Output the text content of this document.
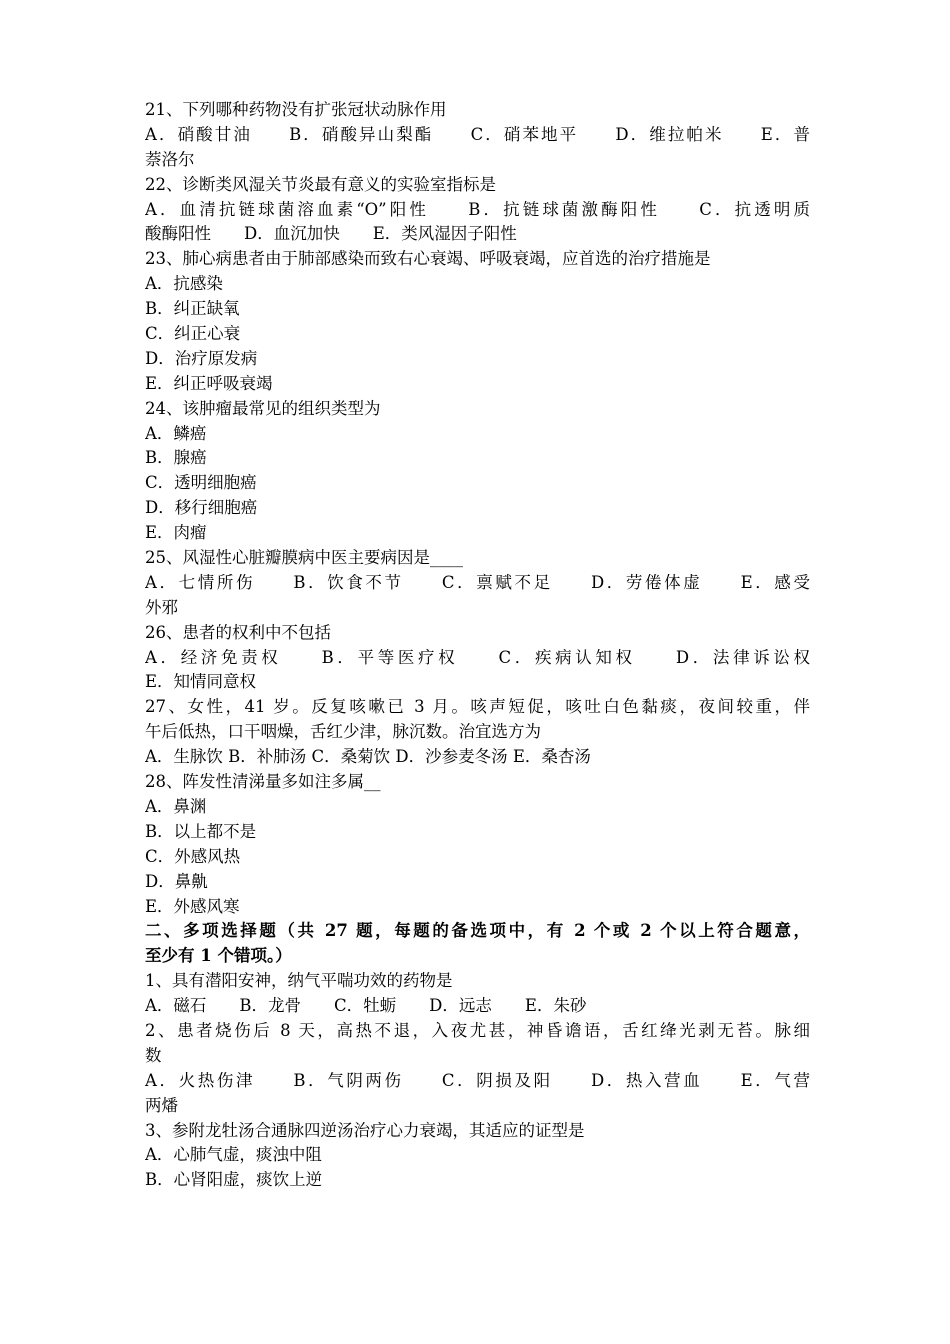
21、下列哪种药物没有扩张冠状动脉作用
A．硝酸甘油　　B．硝酸异山梨酯　　C．硝苯地平　　D．维拉帕米　　E．普
萘洛尔
22、诊断类风湿关节炎最有意义的实验室指标是
A．血清抗链球菌溶血素“O”阳性　　B．抗链球菌激酶阳性　　C．抗透明质
酸酶阳性　　D．血沉加快　　E．类风湿因子阳性
23、肺心病患者由于肺部感染而致右心衰竭、呼吸衰竭，应首选的治疗措施是
A．抗感染
B．纠正缺氧
C．纠正心衰
D．治疗原发病
E．纠正呼吸衰竭
24、该肿瘤最常见的组织类型为
A．鳞癌
B．腺癌
C．透明细胞癌
D．移行细胞癌
E．肉瘤
25、风湿性心脏瓣膜病中医主要病因是____
A．七情所伤　　B．饮食不节　　C．禀赋不足　　D．劳倦体虚　　E．感受
外邪
26、患者的权利中不包括
A．经济免责权　　B．平等医疗权　　C．疾病认知权　　D．法律诉讼权
E．知情同意权
27、女性，41 岁。反复咳嗽已 3 月。咳声短促，咳吐白色黏痰，夜间较重，伴
午后低热，口干咽燥，舌红少津，脉沉数。治宜选方为
A．生脉饮 B．补肺汤 C．桑菊饮 D．沙参麦冬汤 E．桑杏汤
28、阵发性清涕量多如注多属__
A．鼻渊
B．以上都不是
C．外感风热
D．鼻鼽
E．外感风寒
二、多项选择题（共 27 题，每题的备选项中，有 2 个或 2 个以上符合题意，
至少有 1 个错项。）
1、具有潜阳安神，纳气平喘功效的药物是
A．磁石　　B．龙骨　　C．牡蛎　　D．远志　　E．朱砂
2、患者烧伤后 8 天，高热不退，入夜尤甚，神昏谵语，舌红绛光剥无苔。脉细
数
A．火热伤津　　B．气阴两伤　　C．阴损及阳　　D．热入营血　　E．气营
两燔
3、参附龙牡汤合通脉四逆汤治疗心力衰竭，其适应的证型是
A．心肺气虚，痰浊中阻
B．心肾阳虚，痰饮上逆
